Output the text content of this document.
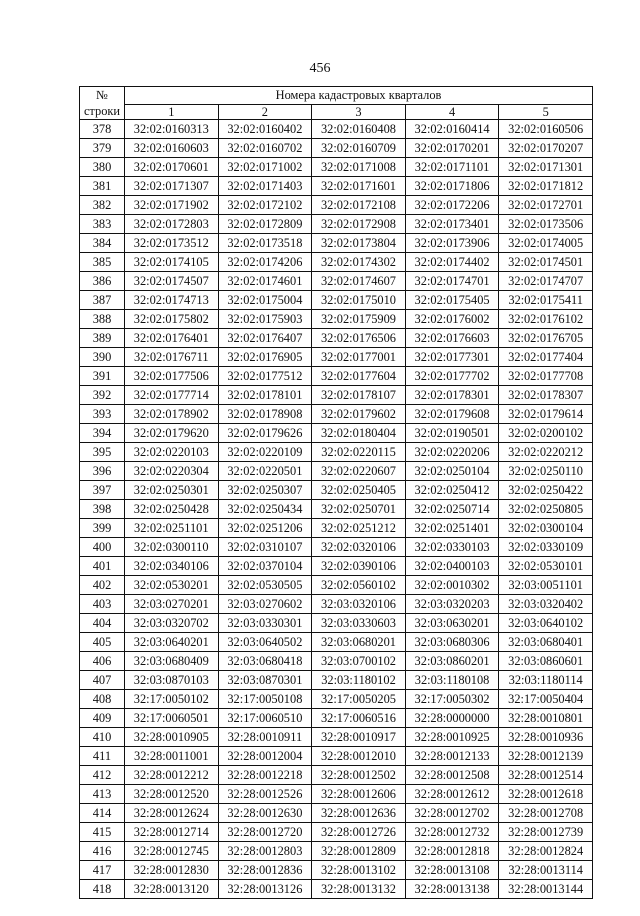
456
№
строки	Номера кадастровых кварталов				
	1	2	3	4	5
378	32:02:0160313	32:02:0160402	32:02:0160408	32:02:0160414	32:02:0160506
379	32:02:0160603	32:02:0160702	32:02:0160709	32:02:0170201	32:02:0170207
380	32:02:0170601	32:02:0171002	32:02:0171008	32:02:0171101	32:02:0171301
381	32:02:0171307	32:02:0171403	32:02:0171601	32:02:0171806	32:02:0171812
382	32:02:0171902	32:02:0172102	32:02:0172108	32:02:0172206	32:02:0172701
383	32:02:0172803	32:02:0172809	32:02:0172908	32:02:0173401	32:02:0173506
384	32:02:0173512	32:02:0173518	32:02:0173804	32:02:0173906	32:02:0174005
385	32:02:0174105	32:02:0174206	32:02:0174302	32:02:0174402	32:02:0174501
386	32:02:0174507	32:02:0174601	32:02:0174607	32:02:0174701	32:02:0174707
387	32:02:0174713	32:02:0175004	32:02:0175010	32:02:0175405	32:02:0175411
388	32:02:0175802	32:02:0175903	32:02:0175909	32:02:0176002	32:02:0176102
389	32:02:0176401	32:02:0176407	32:02:0176506	32:02:0176603	32:02:0176705
390	32:02:0176711	32:02:0176905	32:02:0177001	32:02:0177301	32:02:0177404
391	32:02:0177506	32:02:0177512	32:02:0177604	32:02:0177702	32:02:0177708
392	32:02:0177714	32:02:0178101	32:02:0178107	32:02:0178301	32:02:0178307
393	32:02:0178902	32:02:0178908	32:02:0179602	32:02:0179608	32:02:0179614
394	32:02:0179620	32:02:0179626	32:02:0180404	32:02:0190501	32:02:0200102
395	32:02:0220103	32:02:0220109	32:02:0220115	32:02:0220206	32:02:0220212
396	32:02:0220304	32:02:0220501	32:02:0220607	32:02:0250104	32:02:0250110
397	32:02:0250301	32:02:0250307	32:02:0250405	32:02:0250412	32:02:0250422
398	32:02:0250428	32:02:0250434	32:02:0250701	32:02:0250714	32:02:0250805
399	32:02:0251101	32:02:0251206	32:02:0251212	32:02:0251401	32:02:0300104
400	32:02:0300110	32:02:0310107	32:02:0320106	32:02:0330103	32:02:0330109
401	32:02:0340106	32:02:0370104	32:02:0390106	32:02:0400103	32:02:0530101
402	32:02:0530201	32:02:0530505	32:02:0560102	32:02:0010302	32:03:0051101
403	32:03:0270201	32:03:0270602	32:03:0320106	32:03:0320203	32:03:0320402
404	32:03:0320702	32:03:0330301	32:03:0330603	32:03:0630201	32:03:0640102
405	32:03:0640201	32:03:0640502	32:03:0680201	32:03:0680306	32:03:0680401
406	32:03:0680409	32:03:0680418	32:03:0700102	32:03:0860201	32:03:0860601
407	32:03:0870103	32:03:0870301	32:03:1180102	32:03:1180108	32:03:1180114
408	32:17:0050102	32:17:0050108	32:17:0050205	32:17:0050302	32:17:0050404
409	32:17:0060501	32:17:0060510	32:17:0060516	32:28:0000000	32:28:0010801
410	32:28:0010905	32:28:0010911	32:28:0010917	32:28:0010925	32:28:0010936
411	32:28:0011001	32:28:0012004	32:28:0012010	32:28:0012133	32:28:0012139
412	32:28:0012212	32:28:0012218	32:28:0012502	32:28:0012508	32:28:0012514
413	32:28:0012520	32:28:0012526	32:28:0012606	32:28:0012612	32:28:0012618
414	32:28:0012624	32:28:0012630	32:28:0012636	32:28:0012702	32:28:0012708
415	32:28:0012714	32:28:0012720	32:28:0012726	32:28:0012732	32:28:0012739
416	32:28:0012745	32:28:0012803	32:28:0012809	32:28:0012818	32:28:0012824
417	32:28:0012830	32:28:0012836	32:28:0013102	32:28:0013108	32:28:0013114
418	32:28:0013120	32:28:0013126	32:28:0013132	32:28:0013138	32:28:0013144
